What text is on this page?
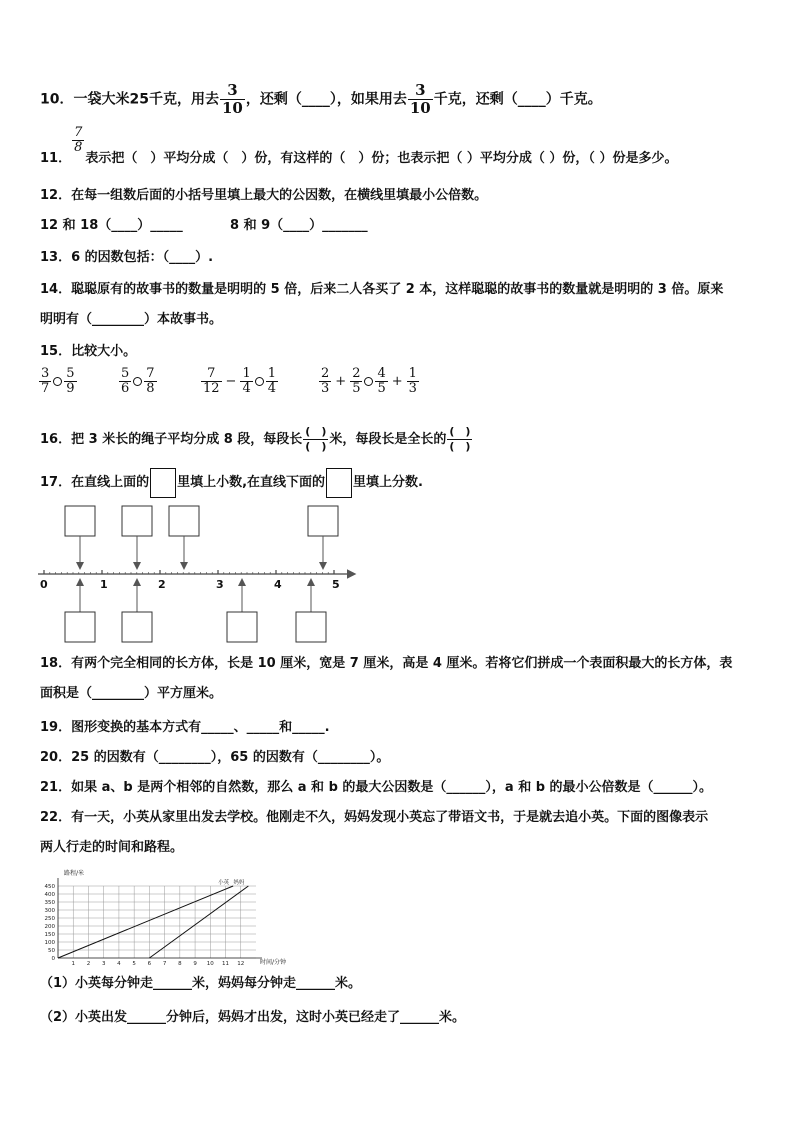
10．一袋大米25千克，用去 $\frac{3}{10}$ ，还剩（____），如果用去 $\frac{3}{10}$ 千克，还剩（____）千克。
11．
$\frac{7}{8}$
表示把（　）平均分成（　）份，有这样的（　）份；也表示把（ ）平均分成（ ）份，（ ）份是多少。
12．在每一组数后面的小括号里填上最大的公因数，在横线里填最小公倍数。
12 和 18（____）_____	8 和 9（____）_______
13．6 的因数包括：（____）.
14．聪聪原有的故事书的数量是明明的 5 倍，后来二人各买了 2 本，这样聪聪的故事书的数量就是明明的 3 倍。原来
明明有（________）本故事书。
15．比较大小。
$\frac{3}{7} \frac{5}{9}$	$\frac{5}{6} \frac{7}{8}$	$\frac{7}{12} - \frac{1}{4} \frac{1}{4}$	$\frac{2}{3} + \frac{2}{5} \frac{4}{5} + \frac{1}{3}$
16．把 3 米长的绳子平均分成 8 段，每段长 $\frac{( )}{( )}$ 米，每段长是全长的 $\frac{( )}{( )}$
17．在直线上面的 里填上小数,在直线下面的 里填上分数.
0	1	2	3	4	5
18．有两个完全相同的长方体，长是 10 厘米，宽是 7 厘米，高是 4 厘米。若将它们拼成一个表面积最大的长方体，表
面积是（________）平方厘米。
19．图形变换的基本方式有_____、_____和_____.
20．25 的因数有（________），65 的因数有（________）。
21．如果 a、b 是两个相邻的自然数，那么 a 和 b 的最大公因数是（______），a 和 b 的最小公倍数是（______）。
22．有一天，小英从家里出发去学校。他刚走不久，妈妈发现小英忘了带语文书，于是就去追小英。下面的图像表示
两人行走的时间和路程。
路程/米
时间/分钟
0
50
100
150
200
250
300
350
400
450
1 2 3 4 5 6 7 8 9 10 11 12
小英 妈妈
（1）小英每分钟走______米，妈妈每分钟走______米。
（2）小英出发______分钟后，妈妈才出发，这时小英已经走了______米。
